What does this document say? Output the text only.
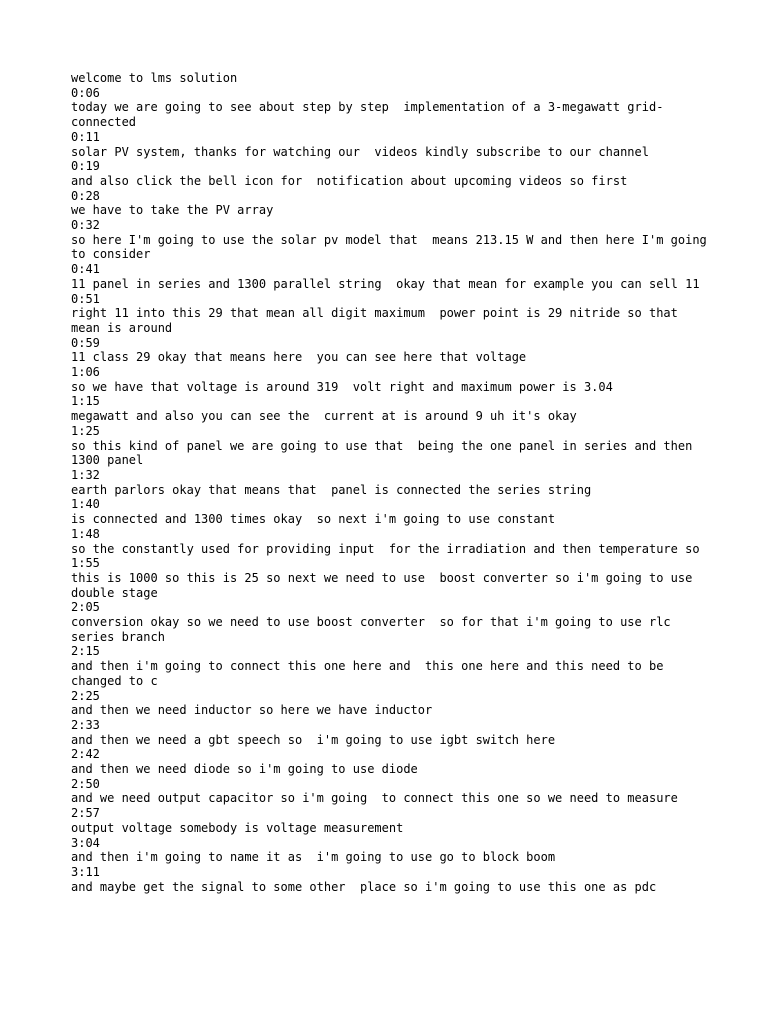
welcome to lms solution
0:06
today we are going to see about step by step  implementation of a 3-megawatt grid-connected
0:11
solar PV system, thanks for watching our  videos kindly subscribe to our channel
0:19
and also click the bell icon for  notification about upcoming videos so first
0:28
we have to take the PV array
0:32
so here I'm going to use the solar pv model that  means 213.15 W and then here I'm going to consider
0:41
11 panel in series and 1300 parallel string  okay that mean for example you can sell 11
0:51
right 11 into this 29 that mean all digit maximum  power point is 29 nitride so that mean is around
0:59
11 class 29 okay that means here  you can see here that voltage
1:06
so we have that voltage is around 319  volt right and maximum power is 3.04
1:15
megawatt and also you can see the  current at is around 9 uh it's okay
1:25
so this kind of panel we are going to use that  being the one panel in series and then 1300 panel
1:32
earth parlors okay that means that  panel is connected the series string
1:40
is connected and 1300 times okay  so next i'm going to use constant
1:48
so the constantly used for providing input  for the irradiation and then temperature so
1:55
this is 1000 so this is 25 so next we need to use  boost converter so i'm going to use double stage
2:05
conversion okay so we need to use boost converter  so for that i'm going to use rlc series branch
2:15
and then i'm going to connect this one here and  this one here and this need to be changed to c
2:25
and then we need inductor so here we have inductor
2:33
and then we need a gbt speech so  i'm going to use igbt switch here
2:42
and then we need diode so i'm going to use diode
2:50
and we need output capacitor so i'm going  to connect this one so we need to measure
2:57
output voltage somebody is voltage measurement
3:04
and then i'm going to name it as  i'm going to use go to block boom
3:11
and maybe get the signal to some other  place so i'm going to use this one as pdc
